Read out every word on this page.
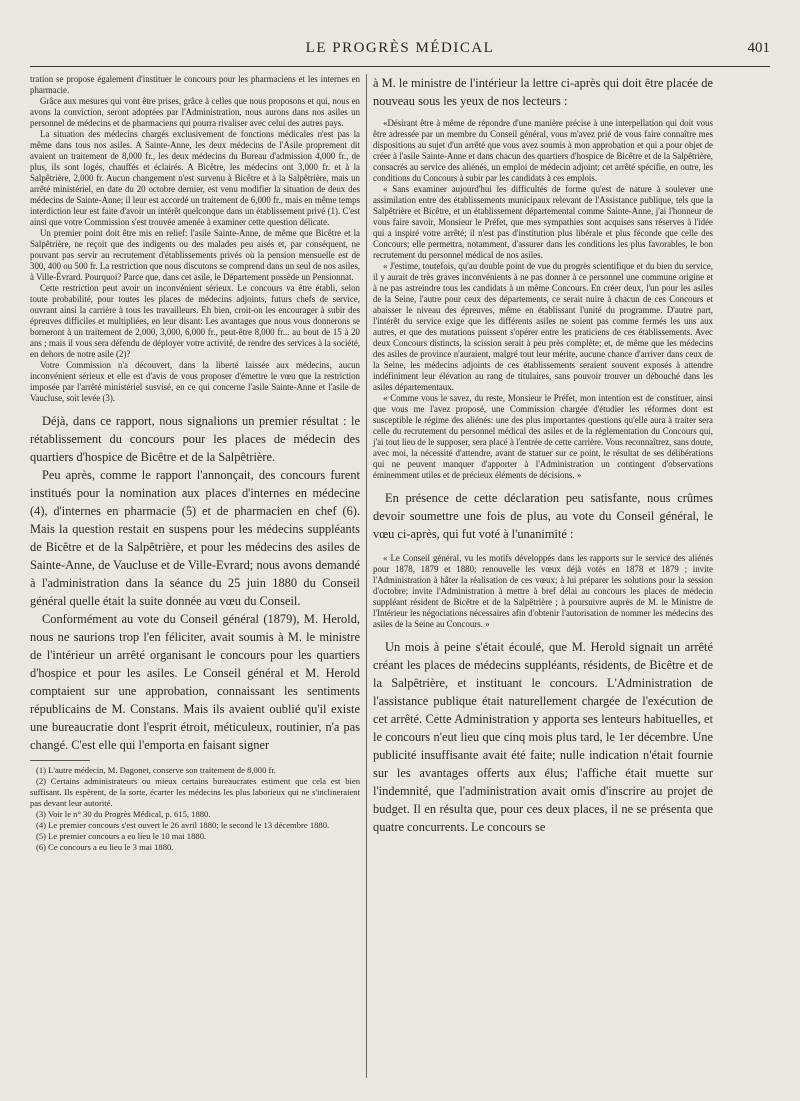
LE PROGRÈS MÉDICAL	401

tration se propose également d'instituer le concours pour les pharmaciens et les internes en pharmacie.

Grâce aux mesures qui vont être prises, grâce à celles que nous proposons et qui, nous en avons la conviction, seront adoptées par l'Administration, nous aurons dans nos asiles un personnel de médecins et de pharmaciens qui pourra rivaliser avec celui des autres pays.

La situation des médecins chargés exclusivement de fonctions médicales n'est pas la même dans tous nos asiles. A Sainte-Anne, les deux médecins de l'Asile proprement dit avaient un traitement de 8,000 fr., les deux médecins du Bureau d'admission 4,000 fr., de plus, ils sont logés, chauffés et éclairés. A Bicêtre, les médecins ont 3,000 fr. et à la Salpêtrière, 2,000 fr. Aucun changement n'est survenu à Bicêtre et à la Salpêtrière, mais un arrêté ministériel, en date du 20 octobre dernier, est venu modifier la situation de deux des médecins de Sainte-Anne; il leur est accordé un traitement de 6,000 fr., mais en même temps interdiction leur est faite d'avoir un intérêt quelconque dans un établissement privé (1). C'est ainsi que votre Commission s'est trouvée amenée à examiner cette question délicate.

Un premier point doit être mis en relief: l'asile Sainte-Anne, de même que Bicêtre et la Salpêtrière, ne reçoit que des indigents ou des malades peu aisés et, par conséquent, ne pouvant pas servir au recrutement d'établissements privés où la pension mensuelle est de 300, 400 ou 500 fr. La restriction que nous discutons se comprend dans un seul de nos asiles, à Ville-Évrard. Pourquoi? Parce que, dans cet asile, le Département possède un Pensionnat.

Cette restriction peut avoir un inconvénient sérieux. Le concours va être établi, selon toute probabilité, pour toutes les places de médecins adjoints, futurs chefs de service, ouvrant ainsi la carrière à tous les travailleurs. Eh bien, croit-on les encourager à subir des épreuves difficiles et multipliées, en leur disant: Les avantages que nous vous donnerons se borneront à un traitement de 2,000, 3,000, 6,000 fr., peut-être 8,000 fr... au bout de 15 à 20 ans ; mais il vous sera défendu de déployer votre activité, de rendre des services à la société, en dehors de notre asile (2)?

Votre Commission n'a découvert, dans la liberté laissée aux médecins, aucun inconvénient sérieux et elle est d'avis de vous proposer d'émettre le vœu que la restriction imposée par l'arrêté ministériel susvisé, en ce qui concerne l'asile Sainte-Anne et l'asile de Vaucluse, soit levée (3).

Déjà, dans ce rapport, nous signalions un premier résultat : le rétablissement du concours pour les places de médecin des quartiers d'hospice de Bicêtre et de la Salpêtrière.

Peu après, comme le rapport l'annonçait, des concours furent institués pour la nomination aux places d'internes en médecine (4), d'internes en pharmacie (5) et de pharmacien en chef (6). Mais la question restait en suspens pour les médecins suppléants de Bicêtre et de la Salpêtrière, et pour les médecins des asiles de Sainte-Anne, de Vaucluse et de Ville-Evrard; nous avons demandé à l'administration dans la séance du 25 juin 1880 du Conseil général quelle était la suite donnée au vœu du Conseil.

Conformément au vote du Conseil général (1879), M. Herold, nous ne saurions trop l'en féliciter, avait soumis à M. le ministre de l'intérieur un arrêté organisant le concours pour les quartiers d'hospice et pour les asiles. Le Conseil général et M. Herold comptaient sur une approbation, connaissant les sentiments républicains de M. Constans. Mais ils avaient oublié qu'il existe une bureaucratie dont l'esprit étroit, méticuleux, routinier, n'a pas changé. C'est elle qui l'emporta en faisant signer

(1) L'autre médecin, M. Dagonet, conserve son traitement de 8,000 fr.

(2) Certains administrateurs ou mieux certains bureaucrates estiment que cela est bien suffisant. Ils espèrent, de la sorte, écarter les médecins les plus laborieux qui ne s'inclineraient pas devant leur autorité.

(3) Voir le n° 30 du Progrès Médical, p. 615, 1880.

(4) Le premier concours s'est ouvert le 26 avril 1880; le second le 13 décembre 1880.

(5) Le premier concours a eu lieu le 10 mai 1880.

(6) Ce concours a eu lieu le 3 mai 1880.

à M. le ministre de l'intérieur la lettre ci-après qui doit être placée de nouveau sous les yeux de nos lecteurs :

«Désirant être à même de répondre d'une manière précise à une interpellation qui doit vous être adressée par un membre du Conseil général, vous m'avez prié de vous faire connaître mes dispositions au sujet d'un arrêté que vous avez soumis à mon approbation et qui a pour objet de créer à l'asile Sainte-Anne et dans chacun des quartiers d'hospice de Bicêtre et de la Salpêtrière, consacrés au service des aliénés, un emploi de médecin adjoint; cet arrêté spécifie, en outre, les conditions du Concours à subir par les candidats à ces emplois.

« Sans examiner aujourd'hui les difficultés de forme qu'est de nature à soulever une assimilation entre des établissements municipaux relevant de l'Assistance publique, tels que la Salpêtrière et Bicêtre, et un établissement départemental comme Sainte-Anne, j'ai l'honneur de vous faire savoir, Monsieur le Préfet, que mes sympathies sont acquises sans réserves à l'idée qui a inspiré votre arrêté; il n'est pas d'institution plus libérale et plus féconde que celle des Concours; elle permettra, notamment, d'assurer dans les conditions les plus favorables, le bon recrutement du personnel médical de nos asiles.

« J'estime, toutefois, qu'au double point de vue du progrès scientifique et du bien du service, il y aurait de très graves inconvénients à ne pas donner à ce personnel une commune origine et à ne pas astreindre tous les candidats à un même Concours. En créer deux, l'un pour les asiles de la Seine, l'autre pour ceux des départements, ce serait nuire à chacun de ces Concours et abaisser le niveau des épreuves, même en établissant l'unité du programme. D'autre part, l'intérêt du service exige que les différents asiles ne soient pas comme fermés les uns aux autres, et que des mutations puissent s'opérer entre les praticiens de ces établissements. Avec deux Concours distincts, la scission serait à peu près complète; et, de même que les médecins des asiles de province n'auraient, malgré tout leur mérite, aucune chance d'arriver dans ceux de la Seine, les médecins adjoints de ces établissements seraient souvent exposés à attendre indéfiniment leur élévation au rang de titulaires, sans pouvoir trouver un débouché dans les asiles départementaux.

« Comme vous le savez, du reste, Monsieur le Préfet, mon intention est de constituer, ainsi que vous me l'avez proposé, une Commission chargée d'étudier les réformes dont est susceptible le régime des aliénés: une des plus importantes questions qu'elle aura à traiter sera celle du recrutement du personnel médical des asiles et de la réglementation du Concours qui, j'ai tout lieu de le supposer, sera placé à l'entrée de cette carrière. Vous reconnaîtrez, sans doute, avec moi, la nécessité d'attendre, avant de statuer sur ce point, le résultat de ses délibérations qui ne peuvent manquer d'apporter à l'Administration un contingent d'observations éminemment utiles et de précieux éléments de décisions. »

En présence de cette déclaration peu satisfante, nous crûmes devoir soumettre une fois de plus, au vote du Conseil général, le vœu ci-après, qui fut voté à l'unanimité :

« Le Conseil général, vu les motifs développés dans les rapports sur le service des aliénés pour 1878, 1879 et 1880; renouvelle les vœux déjà votés en 1878 et 1879 ; invite l'Administration à hâter la réalisation de ces vœux; à lui préparer les solutions pour la session d'octobre; invite l'Administration à mettre à bref délai au concours les places de médecin suppléant résident de Bicêtre et de la Salpêtrière ; à poursuivre auprès de M. le Ministre de l'Intérieur les négociations nécessaires afin d'obtenir l'autorisation de nommer les médecins des asiles de la Seine au Concours. »

Un mois à peine s'était écoulé, que M. Herold signait un arrêté créant les places de médecins suppléants, résidents, de Bicêtre et de la Salpêtrière, et instituant le concours. L'Administration de l'assistance publique était naturellement chargée de l'exécution de cet arrêté. Cette Administration y apporta ses lenteurs habituelles, et le concours n'eut lieu que cinq mois plus tard, le 1er décembre. Une publicité insuffisante avait été faite; nulle indication n'était fournie sur les avantages offerts aux élus; l'affiche était muette sur l'indemnité, que l'administration avait omis d'inscrire au projet de budget. Il en résulta que, pour ces deux places, il ne se présenta que quatre concurrents. Le concours se
